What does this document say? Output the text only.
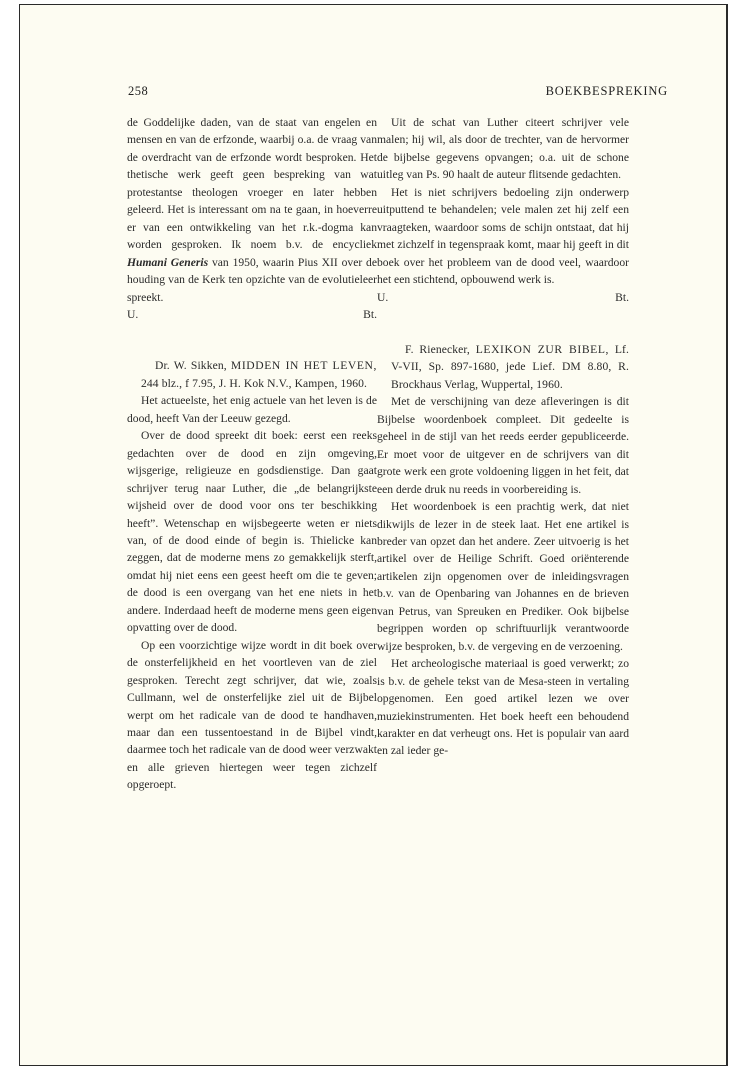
258	BOEKBESPREKING

de Goddelijke daden, van de staat van engelen en mensen en van de erfzonde, waarbij o.a. de vraag van de overdracht van de erfzonde wordt besproken. Het thetische werk geeft geen bespreking van wat protestantse theologen vroeger en later hebben geleerd. Het is interessant om na te gaan, in hoeverre er van een ontwikkeling van het r.k.-dogma kan worden gesproken. Ik noem b.v. de encycliek Humani Generis van 1950, waarin Pius XII over de houding van de Kerk ten opzichte van de evolutieleer spreekt.

U.	Bt.

Dr. W. Sikken, MIDDEN IN HET LEVEN, 244 blz., f 7.95, J. H. Kok N.V., Kampen, 1960.

Het actueelste, het enig actuele van het leven is de dood, heeft Van der Leeuw gezegd.

Over de dood spreekt dit boek: eerst een reeks gedachten over de dood en zijn omgeving, wijsgerige, religieuze en godsdienstige. Dan gaat schrijver terug naar Luther, die „de belangrijkste wijsheid over de dood voor ons ter beschikking heeft”. Wetenschap en wijsbegeerte weten er niets van, of de dood einde of begin is. Thielicke kan zeggen, dat de moderne mens zo gemakkelijk sterft, omdat hij niet eens een geest heeft om die te geven; de dood is een overgang van het ene niets in het andere. Inderdaad heeft de moderne mens geen eigen opvatting over de dood.

Op een voorzichtige wijze wordt in dit boek over de onsterfelijkheid en het voortleven van de ziel gesproken. Terecht zegt schrijver, dat wie, zoals Cullmann, wel de onsterfelijke ziel uit de Bijbel werpt om het radicale van de dood te handhaven, maar dan een tussentoestand in de Bijbel vindt, daarmee toch het radicale van de dood weer verzwakt en alle grieven hiertegen weer tegen zichzelf opgeroept.

Uit de schat van Luther citeert schrijver vele malen; hij wil, als door de trechter, van de hervormer de bijbelse gegevens opvangen; o.a. uit de schone uitleg van Ps. 90 haalt de auteur flitsende gedachten.

Het is niet schrijvers bedoeling zijn onderwerp uitputtend te behandelen; vele malen zet hij zelf een vraagteken, waardoor soms de schijn ontstaat, dat hij met zichzelf in tegenspraak komt, maar hij geeft in dit boek over het probleem van de dood veel, waardoor het een stichtend, opbouwend werk is.

U.	Bt.

F. Rienecker, LEXIKON ZUR BIBEL, Lf. V-VII, Sp. 897-1680, jede Lief. DM 8.80, R. Brockhaus Verlag, Wuppertal, 1960.

Met de verschijning van deze afleveringen is dit Bijbelse woordenboek compleet. Dit gedeelte is geheel in de stijl van het reeds eerder gepubliceerde. Er moet voor de uitgever en de schrijvers van dit grote werk een grote voldoening liggen in het feit, dat een derde druk nu reeds in voorbereiding is.

Het woordenboek is een prachtig werk, dat niet dikwijls de lezer in de steek laat. Het ene artikel is breder van opzet dan het andere. Zeer uitvoerig is het artikel over de Heilige Schrift. Goed oriënterende artikelen zijn opgenomen over de inleidingsvragen b.v. van de Openbaring van Johannes en de brieven van Petrus, van Spreuken en Prediker. Ook bijbelse begrippen worden op schriftuurlijk verantwoorde wijze besproken, b.v. de vergeving en de verzoening.

Het archeologische materiaal is goed verwerkt; zo is b.v. de gehele tekst van de Mesa-steen in vertaling opgenomen. Een goed artikel lezen we over muziekinstrumenten. Het boek heeft een behoudend karakter en dat verheugt ons. Het is populair van aard en zal ieder ge-
